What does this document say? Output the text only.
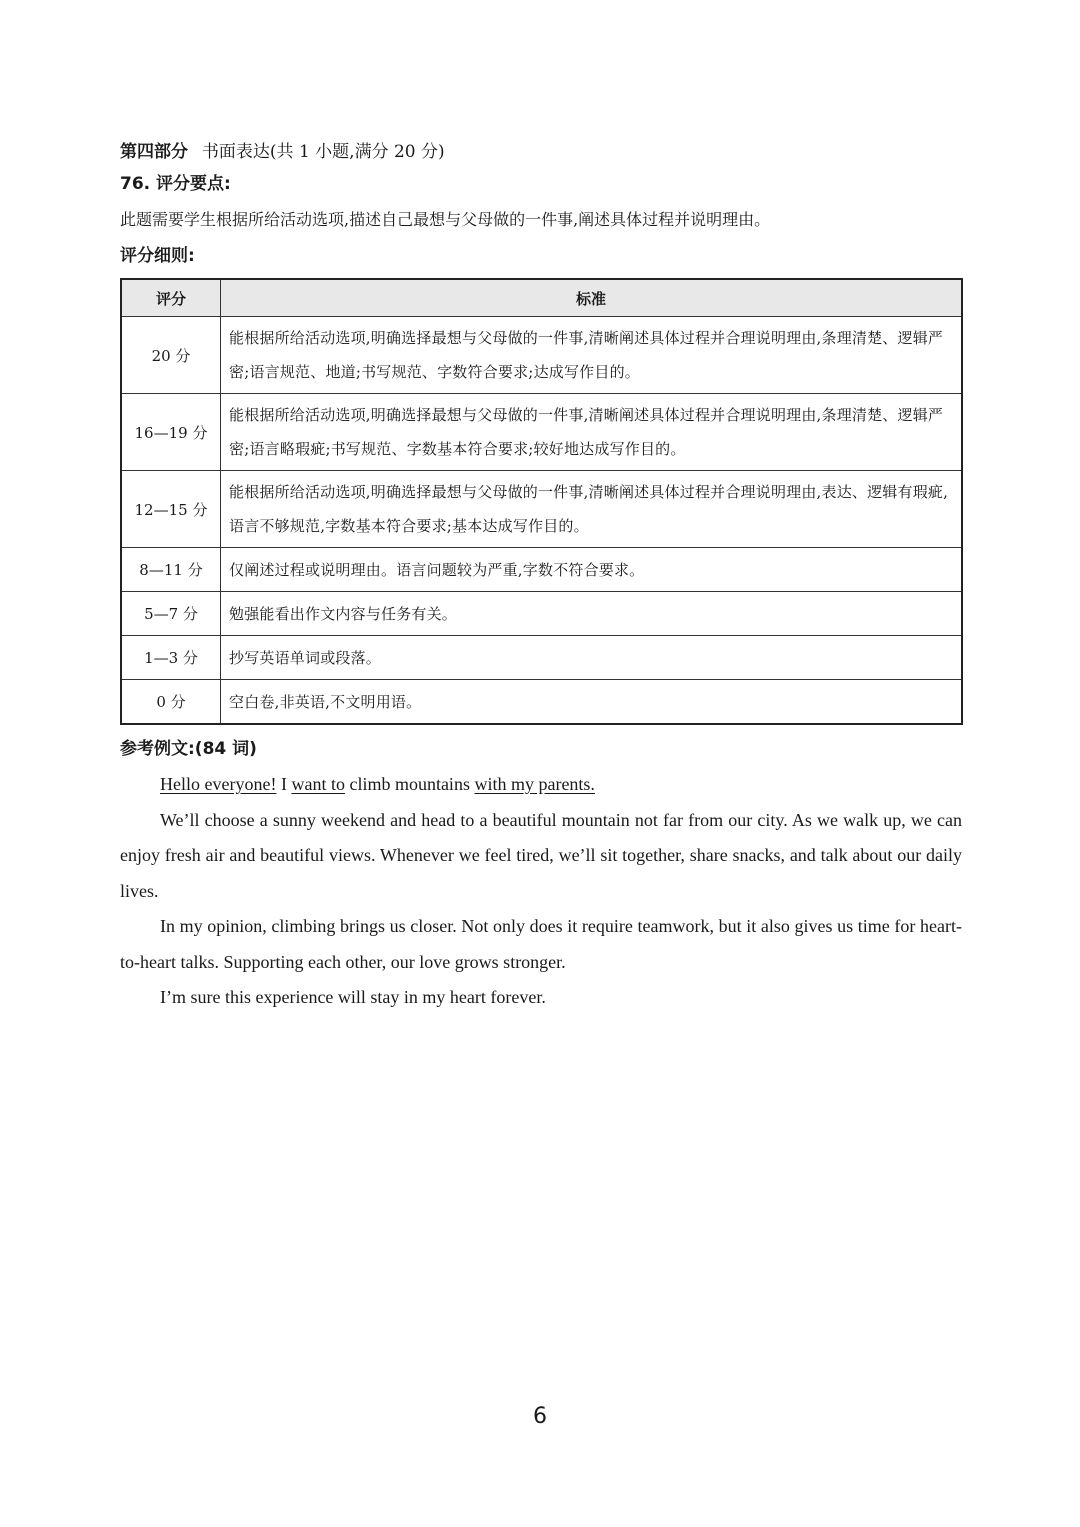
第四部分 书面表达(共 1 小题,满分 20 分)
76. 评分要点:
此题需要学生根据所给活动选项,描述自己最想与父母做的一件事,阐述具体过程并说明理由。
评分细则:
评分	标准
20 分	能根据所给活动选项,明确选择最想与父母做的一件事,清晰阐述具体过程并合理说明理由,条理清楚、逻辑严密;语言规范、地道;书写规范、字数符合要求;达成写作目的。
16—19 分	能根据所给活动选项,明确选择最想与父母做的一件事,清晰阐述具体过程并合理说明理由,条理清楚、逻辑严密;语言略瑕疵;书写规范、字数基本符合要求;较好地达成写作目的。
12—15 分	能根据所给活动选项,明确选择最想与父母做的一件事,清晰阐述具体过程并合理说明理由,表达、逻辑有瑕疵,语言不够规范,字数基本符合要求;基本达成写作目的。
8—11 分	仅阐述过程或说明理由。语言问题较为严重,字数不符合要求。
5—7 分	勉强能看出作文内容与任务有关。
1—3 分	抄写英语单词或段落。
0 分	空白卷,非英语,不文明用语。
参考例文:(84 词)

Hello everyone! I want to climb mountains with my parents.

We’ll choose a sunny weekend and head to a beautiful mountain not far from our city. As we walk up, we can enjoy fresh air and beautiful views. Whenever we feel tired, we’ll sit together, share snacks, and talk about our daily lives.

In my opinion, climbing brings us closer. Not only does it require teamwork, but it also gives us time for heart-to-heart talks. Supporting each other, our love grows stronger.

I’m sure this experience will stay in my heart forever.

6
